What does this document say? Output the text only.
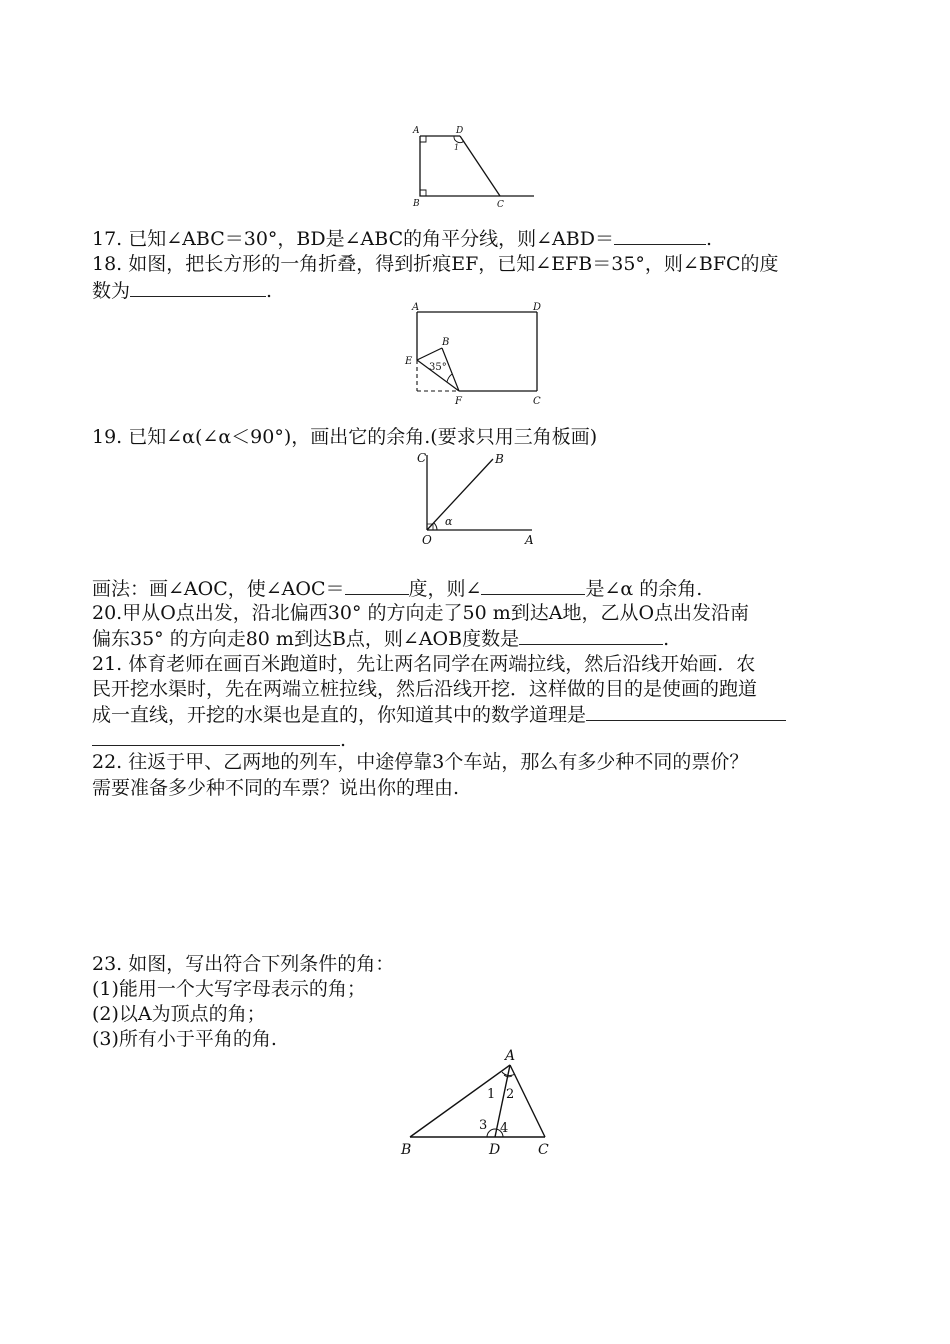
A	D
1
B	C
17. 已知∠ABC＝30°，BD是∠ABC的角平分线，则∠ABD＝	.
18. 如图，把长方形的一角折叠，得到折痕EF，已知∠EFB＝35°，则∠BFC的度
数为	.
A	D
B
E
35°
F	C
19. 已知∠α(∠α＜90°)，画出它的余角.(要求只用三角板画)
C	B
α
O	A
画法：画∠AOC，使∠AOC＝	度，则∠	是∠α 的余角.
20.甲从O点出发，沿北偏西30° 的方向走了50 m到达A地，乙从O点出发沿南
偏东35° 的方向走80 m到达B点，则∠AOB度数是	.
21. 体育老师在画百米跑道时，先让两名同学在两端拉线，然后沿线开始画．农
民开挖水渠时，先在两端立桩拉线，然后沿线开挖．这样做的目的是使画的跑道
成一直线，开挖的水渠也是直的，你知道其中的数学道理是
.
22. 往返于甲、乙两地的列车，中途停靠3个车站，那么有多少种不同的票价？
需要准备多少种不同的车票？说出你的理由.
23. 如图，写出符合下列条件的角：
(1)能用一个大写字母表示的角；
(2)以A为顶点的角；
(3)所有小于平角的角.
A
1 2
3 4
B	D	C
